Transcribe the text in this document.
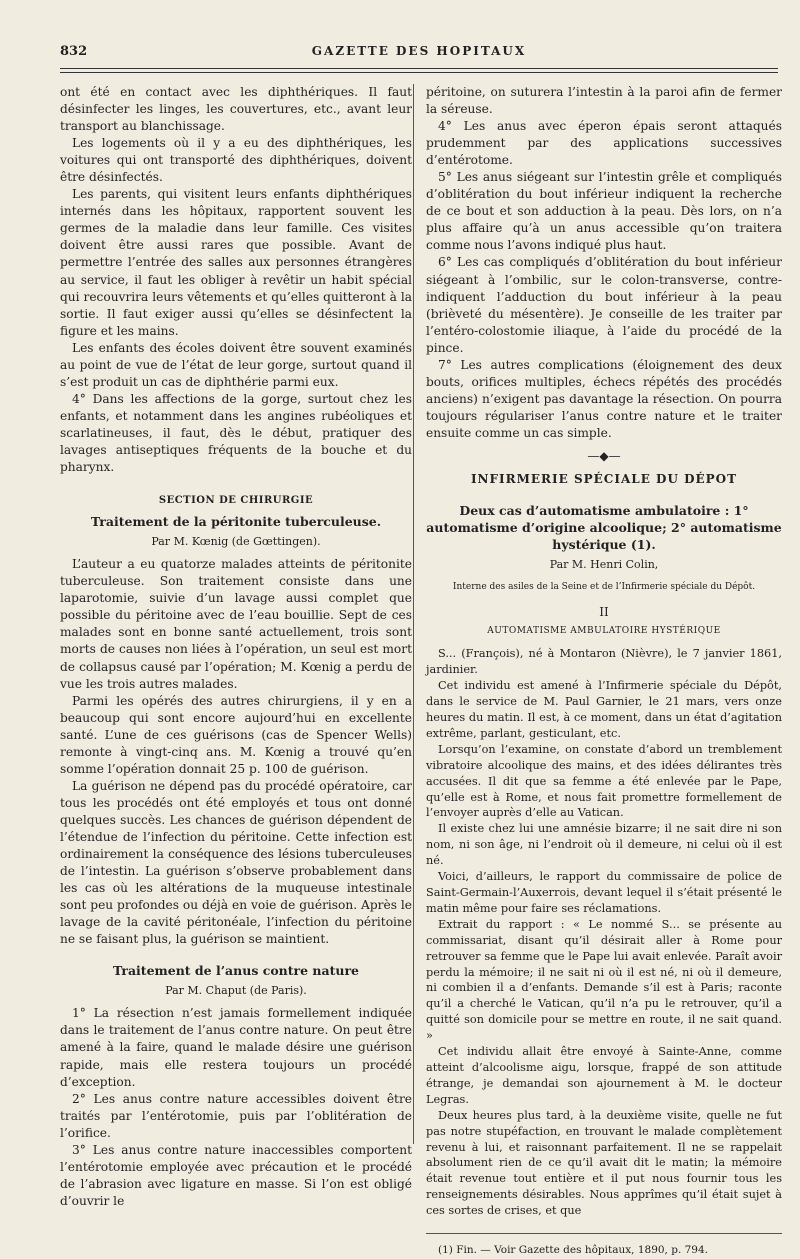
832	GAZETTE DES HOPITAUX

ont été en contact avec les diphthériques. Il faut désinfecter les linges, les couvertures, etc., avant leur transport au blanchissage.

Les logements où il y a eu des diphthériques, les voitures qui ont transporté des diphthériques, doivent être désinfectés.

Les parents, qui visitent leurs enfants diphthériques internés dans les hôpitaux, rapportent souvent les germes de la maladie dans leur famille. Ces visites doivent être aussi rares que possible. Avant de permettre l’entrée des salles aux personnes étrangères au service, il faut les obliger à revêtir un habit spécial qui recouvrira leurs vêtements et qu’elles quitteront à la sortie. Il faut exiger aussi qu’elles se désinfectent la figure et les mains.

Les enfants des écoles doivent être souvent examinés au point de vue de l’état de leur gorge, surtout quand il s’est produit un cas de diphthérie parmi eux.

4° Dans les affections de la gorge, surtout chez les enfants, et notamment dans les angines rubéoliques et scarlatineuses, il faut, dès le début, pratiquer des lavages antiseptiques fréquents de la bouche et du pharynx.

SECTION DE CHIRURGIE
Traitement de la péritonite tuberculeuse.
Par M. Kœnig (de Gœttingen).

L’auteur a eu quatorze malades atteints de péritonite tuberculeuse. Son traitement consiste dans une laparotomie, suivie d’un lavage aussi complet que possible du péritoine avec de l’eau bouillie. Sept de ces malades sont en bonne santé actuellement, trois sont morts de causes non liées à l’opération, un seul est mort de collapsus causé par l’opération; M. Kœnig a perdu de vue les trois autres malades.

Parmi les opérés des autres chirurgiens, il y en a beaucoup qui sont encore aujourd’hui en excellente santé. L’une de ces guérisons (cas de Spencer Wells) remonte à vingt-cinq ans. M. Kœnig a trouvé qu’en somme l’opération donnait 25 p. 100 de guérison.

La guérison ne dépend pas du procédé opératoire, car tous les procédés ont été employés et tous ont donné quelques succès. Les chances de guérison dépendent de l’étendue de l’infection du péritoine. Cette infection est ordinairement la conséquence des lésions tuberculeuses de l’intestin. La guérison s’observe probablement dans les cas où les altérations de la muqueuse intestinale sont peu profondes ou déjà en voie de guérison. Après le lavage de la cavité péritonéale, l’infection du péritoine ne se faisant plus, la guérison se maintient.

Traitement de l’anus contre nature
Par M. Chaput (de Paris).

1° La résection n’est jamais formellement indiquée dans le traitement de l’anus contre nature. On peut être amené à la faire, quand le malade désire une guérison rapide, mais elle restera toujours un procédé d’exception.

2° Les anus contre nature accessibles doivent être traités par l’entérotomie, puis par l’oblitération de l’orifice.

3° Les anus contre nature inaccessibles comportent l’entérotomie employée avec précaution et le procédé de l’abrasion avec ligature en masse. Si l’on est obligé d’ouvrir le

péritoine, on suturera l’intestin à la paroi afin de fermer la séreuse.

4° Les anus avec éperon épais seront attaqués prudemment par des applications successives d’entérotome.

5° Les anus siégeant sur l’intestin grêle et compliqués d’oblitération du bout inférieur indiquent la recherche de ce bout et son adduction à la peau. Dès lors, on n’a plus affaire qu’à un anus accessible qu’on traitera comme nous l’avons indiqué plus haut.

6° Les cas compliqués d’oblitération du bout inférieur siégeant à l’ombilic, sur le colon-transverse, contre-indiquent l’adduction du bout inférieur à la peau (brièveté du mésentère). Je conseille de les traiter par l’entéro-colostomie iliaque, à l’aide du procédé de la pince.

7° Les autres complications (éloignement des deux bouts, orifices multiples, échecs répétés des procédés anciens) n’exigent pas davantage la résection. On pourra toujours régulariser l’anus contre nature et le traiter ensuite comme un cas simple.

—◆—
INFIRMERIE SPÉCIALE DU DÉPOT
Deux cas d’automatisme ambulatoire : 1° automatisme d’origine alcoolique; 2° automatisme hystérique (1).
Par M. Henri Colin,
Interne des asiles de la Seine et de l’Infirmerie spéciale du Dépôt.
II
AUTOMATISME AMBULATOIRE HYSTÉRIQUE

S... (François), né à Montaron (Nièvre), le 7 janvier 1861, jardinier.

Cet individu est amené à l’Infirmerie spéciale du Dépôt, dans le service de M. Paul Garnier, le 21 mars, vers onze heures du matin. Il est, à ce moment, dans un état d’agitation extrême, parlant, gesticulant, etc.

Lorsqu’on l’examine, on constate d’abord un tremblement vibratoire alcoolique des mains, et des idées délirantes très accusées. Il dit que sa femme a été enlevée par le Pape, qu’elle est à Rome, et nous fait promettre formellement de l’envoyer auprès d’elle au Vatican.

Il existe chez lui une amnésie bizarre; il ne sait dire ni son nom, ni son âge, ni l’endroit où il demeure, ni celui où il est né.

Voici, d’ailleurs, le rapport du commissaire de police de Saint-Germain-l’Auxerrois, devant lequel il s’était présenté le matin même pour faire ses réclamations.

Extrait du rapport : « Le nommé S... se présente au commissariat, disant qu’il désirait aller à Rome pour retrouver sa femme que le Pape lui avait enlevée. Paraît avoir perdu la mémoire; il ne sait ni où il est né, ni où il demeure, ni combien il a d’enfants. Demande s’il est à Paris; raconte qu’il a cherché le Vatican, qu’il n’a pu le retrouver, qu’il a quitté son domicile pour se mettre en route, il ne sait quand. »

Cet individu allait être envoyé à Sainte-Anne, comme atteint d’alcoolisme aigu, lorsque, frappé de son attitude étrange, je demandai son ajournement à M. le docteur Legras.

Deux heures plus tard, à la deuxième visite, quelle ne fut pas notre stupéfaction, en trouvant le malade complètement revenu à lui, et raisonnant parfaitement. Il ne se rappelait absolument rien de ce qu’il avait dit le matin; la mémoire était revenue tout entière et il put nous fournir tous les renseignements désirables. Nous apprîmes qu’il était sujet à ces sortes de crises, et que

(1) Fin. — Voir Gazette des hôpitaux, 1890, p. 794.
